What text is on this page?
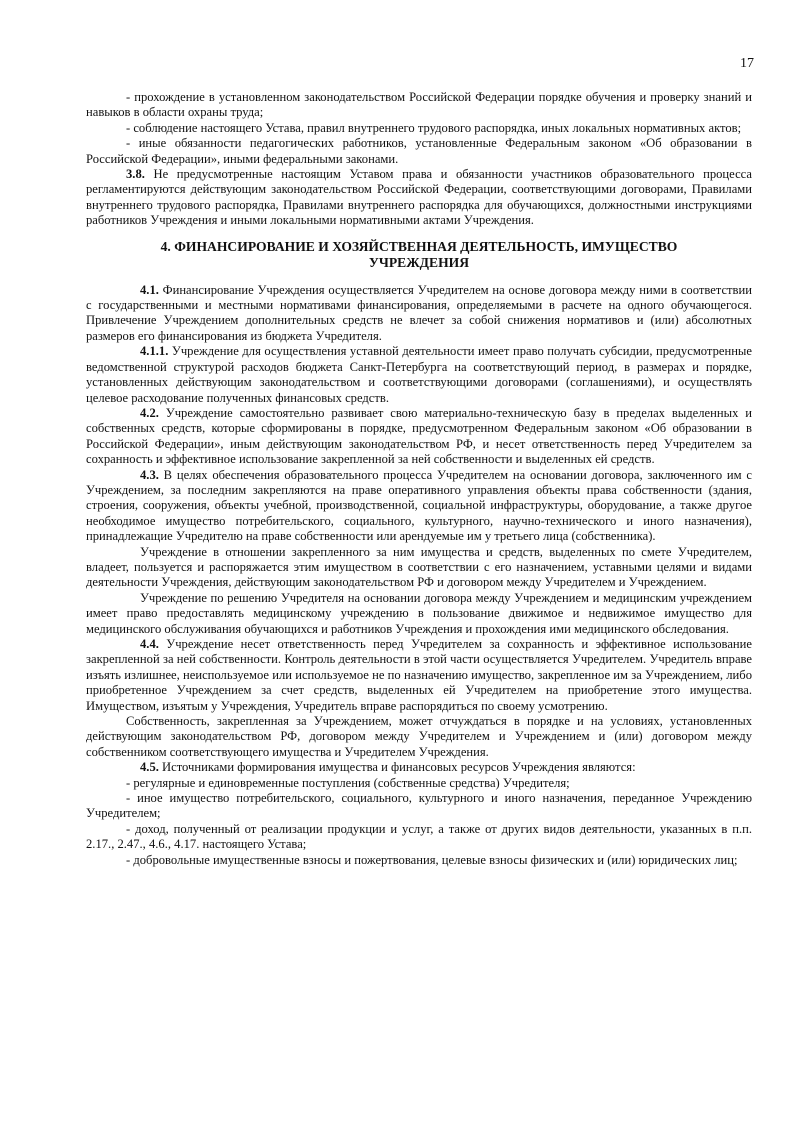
17

- прохождение в установленном законодательством Российской Федерации порядке обучения и проверку знаний и навыков в области охраны труда;

- соблюдение настоящего Устава, правил внутреннего трудового распорядка, иных локальных нормативных актов;

- иные обязанности педагогических работников, установленные Федеральным законом «Об образовании в Российской Федерации», иными федеральными законами.

3.8. Не предусмотренные настоящим Уставом права и обязанности участников образовательного процесса регламентируются действующим законодательством Российской Федерации, соответствующими договорами, Правилами внутреннего трудового распорядка, Правилами внутреннего распорядка для обучающихся, должностными инструкциями работников Учреждения и иными локальными нормативными актами Учреждения.

4. ФИНАНСИРОВАНИЕ И ХОЗЯЙСТВЕННАЯ ДЕЯТЕЛЬНОСТЬ, ИМУЩЕСТВО УЧРЕЖДЕНИЯ

4.1. Финансирование Учреждения осуществляется Учредителем на основе договора между ними в соответствии с государственными и местными нормативами финансирования, определяемыми в расчете на одного обучающегося. Привлечение Учреждением дополнительных средств не влечет за собой снижения нормативов и (или) абсолютных размеров его финансирования из бюджета Учредителя.

4.1.1. Учреждение для осуществления уставной деятельности имеет право получать субсидии, предусмотренные ведомственной структурой расходов бюджета Санкт-Петербурга на соответствующий период, в размерах и порядке, установленных действующим законодательством и соответствующими договорами (соглашениями), и осуществлять целевое расходование полученных финансовых средств.

4.2. Учреждение самостоятельно развивает свою материально-техническую базу в пределах выделенных и собственных средств, которые сформированы в порядке, предусмотренном Федеральным законом «Об образовании в Российской Федерации», иным действующим законодательством РФ, и несет ответственность перед Учредителем за сохранность и эффективное использование закрепленной за ней собственности и выделенных ей средств.

4.3. В целях обеспечения образовательного процесса Учредителем на основании договора, заключенного им с Учреждением, за последним закрепляются на праве оперативного управления объекты права собственности (здания, строения, сооружения, объекты учебной, производственной, социальной инфраструктуры, оборудование, а также другое необходимое имущество потребительского, социального, культурного, научно-технического и иного назначения), принадлежащие Учредителю на праве собственности или арендуемые им у третьего лица (собственника).

Учреждение в отношении закрепленного за ним имущества и средств, выделенных по смете Учредителем, владеет, пользуется и распоряжается этим имуществом в соответствии с его назначением, уставными целями и видами деятельности Учреждения, действующим законодательством РФ и договором между Учредителем и Учреждением.

Учреждение по решению Учредителя на основании договора между Учреждением и медицинским учреждением имеет право предоставлять медицинскому учреждению в пользование движимое и недвижимое имущество для медицинского обслуживания обучающихся и работников Учреждения и прохождения ими медицинского обследования.

4.4. Учреждение несет ответственность перед Учредителем за сохранность и эффективное использование закрепленной за ней собственности. Контроль деятельности в этой части осуществляется Учредителем. Учредитель вправе изъять излишнее, неиспользуемое или используемое не по назначению имущество, закрепленное им за Учреждением, либо приобретенное Учреждением за счет средств, выделенных ей Учредителем на приобретение этого имущества. Имуществом, изъятым у Учреждения, Учредитель вправе распорядиться по своему усмотрению.

Собственность, закрепленная за Учреждением, может отчуждаться в порядке и на условиях, установленных действующим законодательством РФ, договором между Учредителем и Учреждением и (или) договором между собственником соответствующего имущества и Учредителем Учреждения.

4.5. Источниками формирования имущества и финансовых ресурсов Учреждения являются:

- регулярные и единовременные поступления (собственные средства) Учредителя;

- иное имущество потребительского, социального, культурного и иного назначения, переданное Учреждению Учредителем;

- доход, полученный от реализации продукции и услуг, а также от других видов деятельности, указанных в п.п. 2.17., 2.47., 4.6., 4.17. настоящего Устава;

- добровольные имущественные взносы и пожертвования, целевые взносы физических и (или) юридических лиц;
